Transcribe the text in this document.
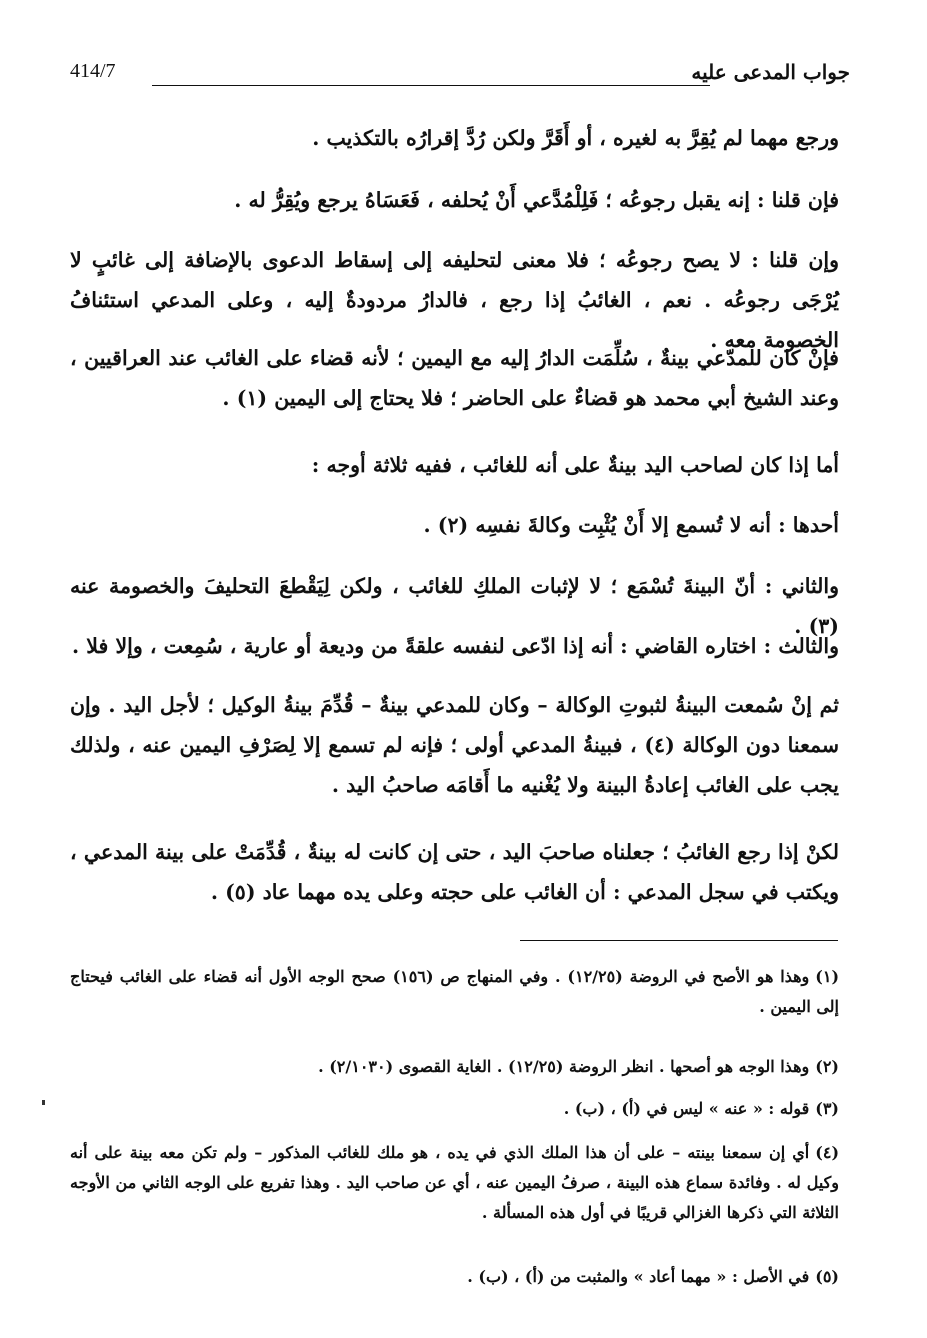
جواب المدعى عليه
414/7

ورجع مهما لم يُقِرَّ به لغيره ، أو أَقَرَّ ولكن رُدَّ إقرارُه بالتكذيب .

فإن قلنا : إنه يقبل رجوعُه ؛ فَلِلْمُدَّعي أَنْ يُحلفه ، فَعَسَاهُ يرجع ويُقِرُّ له .

وإن قلنا : لا يصح رجوعُه ؛ فلا معنى لتحليفه إلى إسقاط الدعوى بالإضافة إلى غائبٍ لا يُرْجَى رجوعُه . نعم ، الغائبُ إذا رجع ، فالدارُ مردودةٌ إليه ، وعلى المدعي استئنافُ الخصومة معه .

فإنْ كان للمدّعي بينةٌ ، سُلِّمَت الدارُ إليه مع اليمين ؛ لأنه قضاء على الغائب عند العراقيين ، وعند الشيخ أبي محمد هو قضاءٌ على الحاضر ؛ فلا يحتاج إلى اليمين (١) .

أما إذا كان لصاحب اليد بينةٌ على أنه للغائب ، ففيه ثلاثة أوجه :

أحدها : أنه لا تُسمع إلا أَنْ يُثْبِت وكالةَ نفسِه (٢) .

والثاني : أنّ البينةَ تُسْمَع ؛ لا لإثبات الملكِ للغائب ، ولكن لِيَقْطعَ التحليفَ والخصومة عنه (٣) .

والثالث : اختاره القاضي : أنه إذا ادّعى لنفسه علقةً من وديعة أو عارية ، سُمِعت ، وإلا فلا .

ثم إنْ سُمعت البينةُ لثبوتِ الوكالة – وكان للمدعي بينةٌ – قُدِّمَ بينةُ الوكيل ؛ لأجل اليد . وإن سمعنا دون الوكالة (٤) ، فبينةُ المدعي أولى ؛ فإنه لم تسمع إلا لِصَرْفِ اليمين عنه ، ولذلك يجب على الغائب إعادةُ البينة ولا يُغْنيه ما أَقامَه صاحبُ اليد .

لكنْ إذا رجع الغائبُ ؛ جعلناه صاحبَ اليد ، حتى إن كانت له بينةٌ ، قُدِّمَتْ على بينة المدعي ، ويكتب في سجل المدعي : أن الغائب على حجته وعلى يده مهما عاد (٥) .

(١)وهذا هو الأصح في الروضة (١٢/٢٥) . وفي المنهاج ص (١٥٦) صحح الوجه الأول أنه قضاء على الغائب فيحتاج إلى اليمين .

(٢)وهذا الوجه هو أصحها . انظر الروضة (١٢/٢٥) . الغاية القصوى (٢/١٠٣٠) .

(٣)قوله : « عنه » ليس في (أ) ، (ب) .

(٤)أي إن سمعنا بينته – على أن هذا الملك الذي في يده ، هو ملك للغائب المذكور – ولم تكن معه بينة على أنه وكيل له . وفائدة سماع هذه البينة ، صرفُ اليمين عنه ، أي عن صاحب اليد . وهذا تفريع على الوجه الثاني من الأوجه الثلاثة التي ذكرها الغزالي قريبًا في أول هذه المسألة .

(٥)في الأصل : « مهما أعاد » والمثبت من (أ) ، (ب) .
